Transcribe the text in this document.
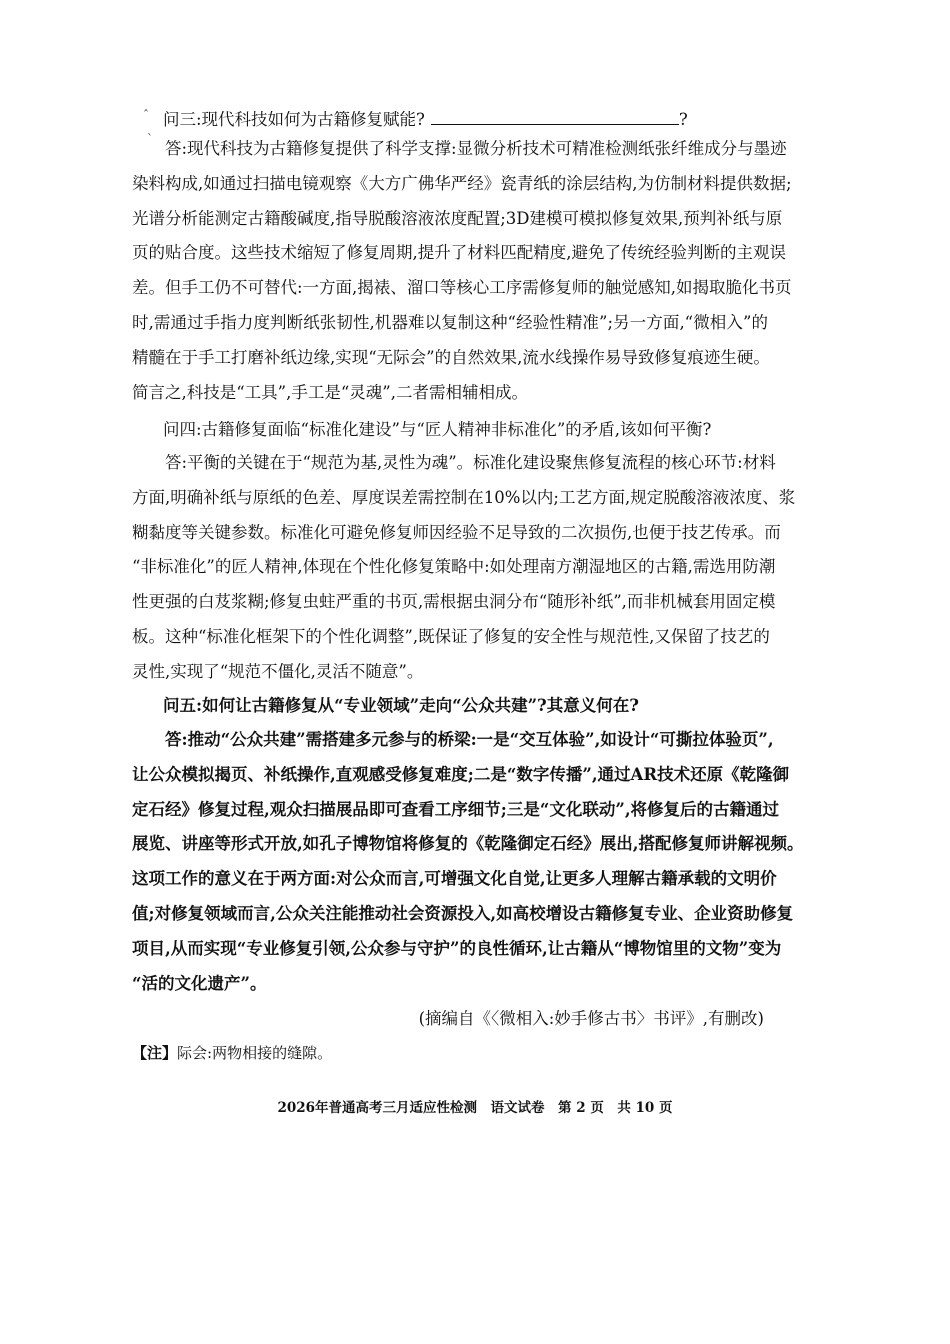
ˆ
ˋ
问三:现代科技如何为古籍修复赋能?	?
答:现代科技为古籍修复提供了科学支撑:显微分析技术可精准检测纸张纤维成分与墨迹
染料构成,如通过扫描电镜观察《大方广佛华严经》瓷青纸的涂层结构,为仿制材料提供数据;
光谱分析能测定古籍酸碱度,指导脱酸溶液浓度配置;3D建模可模拟修复效果,预判补纸与原
页的贴合度。这些技术缩短了修复周期,提升了材料匹配精度,避免了传统经验判断的主观误
差。但手工仍不可替代:一方面,揭裱、溜口等核心工序需修复师的触觉感知,如揭取脆化书页
时,需通过手指力度判断纸张韧性,机器难以复制这种“经验性精准”;另一方面,“微相入”的
精髓在于手工打磨补纸边缘,实现“无际会”的自然效果,流水线操作易导致修复痕迹生硬。
简言之,科技是“工具”,手工是“灵魂”,二者需相辅相成。
问四:古籍修复面临“标准化建设”与“匠人精神非标准化”的矛盾,该如何平衡?
答:平衡的关键在于“规范为基,灵性为魂”。标准化建设聚焦修复流程的核心环节:材料
方面,明确补纸与原纸的色差、厚度误差需控制在10%以内;工艺方面,规定脱酸溶液浓度、浆
糊黏度等关键参数。标准化可避免修复师因经验不足导致的二次损伤,也便于技艺传承。而
“非标准化”的匠人精神,体现在个性化修复策略中:如处理南方潮湿地区的古籍,需选用防潮
性更强的白芨浆糊;修复虫蛀严重的书页,需根据虫洞分布“随形补纸”,而非机械套用固定模
板。这种“标准化框架下的个性化调整”,既保证了修复的安全性与规范性,又保留了技艺的
灵性,实现了“规范不僵化,灵活不随意”。
问五:如何让古籍修复从“专业领域”走向“公众共建”?其意义何在?
答:推动“公众共建”需搭建多元参与的桥梁:一是“交互体验”,如设计“可撕拉体验页”,
让公众模拟揭页、补纸操作,直观感受修复难度;二是“数字传播”,通过AR技术还原《乾隆御
定石经》修复过程,观众扫描展品即可查看工序细节;三是“文化联动”,将修复后的古籍通过
展览、讲座等形式开放,如孔子博物馆将修复的《乾隆御定石经》展出,搭配修复师讲解视频。
这项工作的意义在于两方面:对公众而言,可增强文化自觉,让更多人理解古籍承载的文明价
值;对修复领域而言,公众关注能推动社会资源投入,如高校增设古籍修复专业、企业资助修复
项目,从而实现“专业修复引领,公众参与守护”的良性循环,让古籍从“博物馆里的文物”变为
“活的文化遗产”。
(摘编自《〈微相入:妙手修古书〉书评》,有删改)
【注】际会:两物相接的缝隙。
2026年普通高考三月适应性检测　语文试卷　第 2 页　共 10 页
